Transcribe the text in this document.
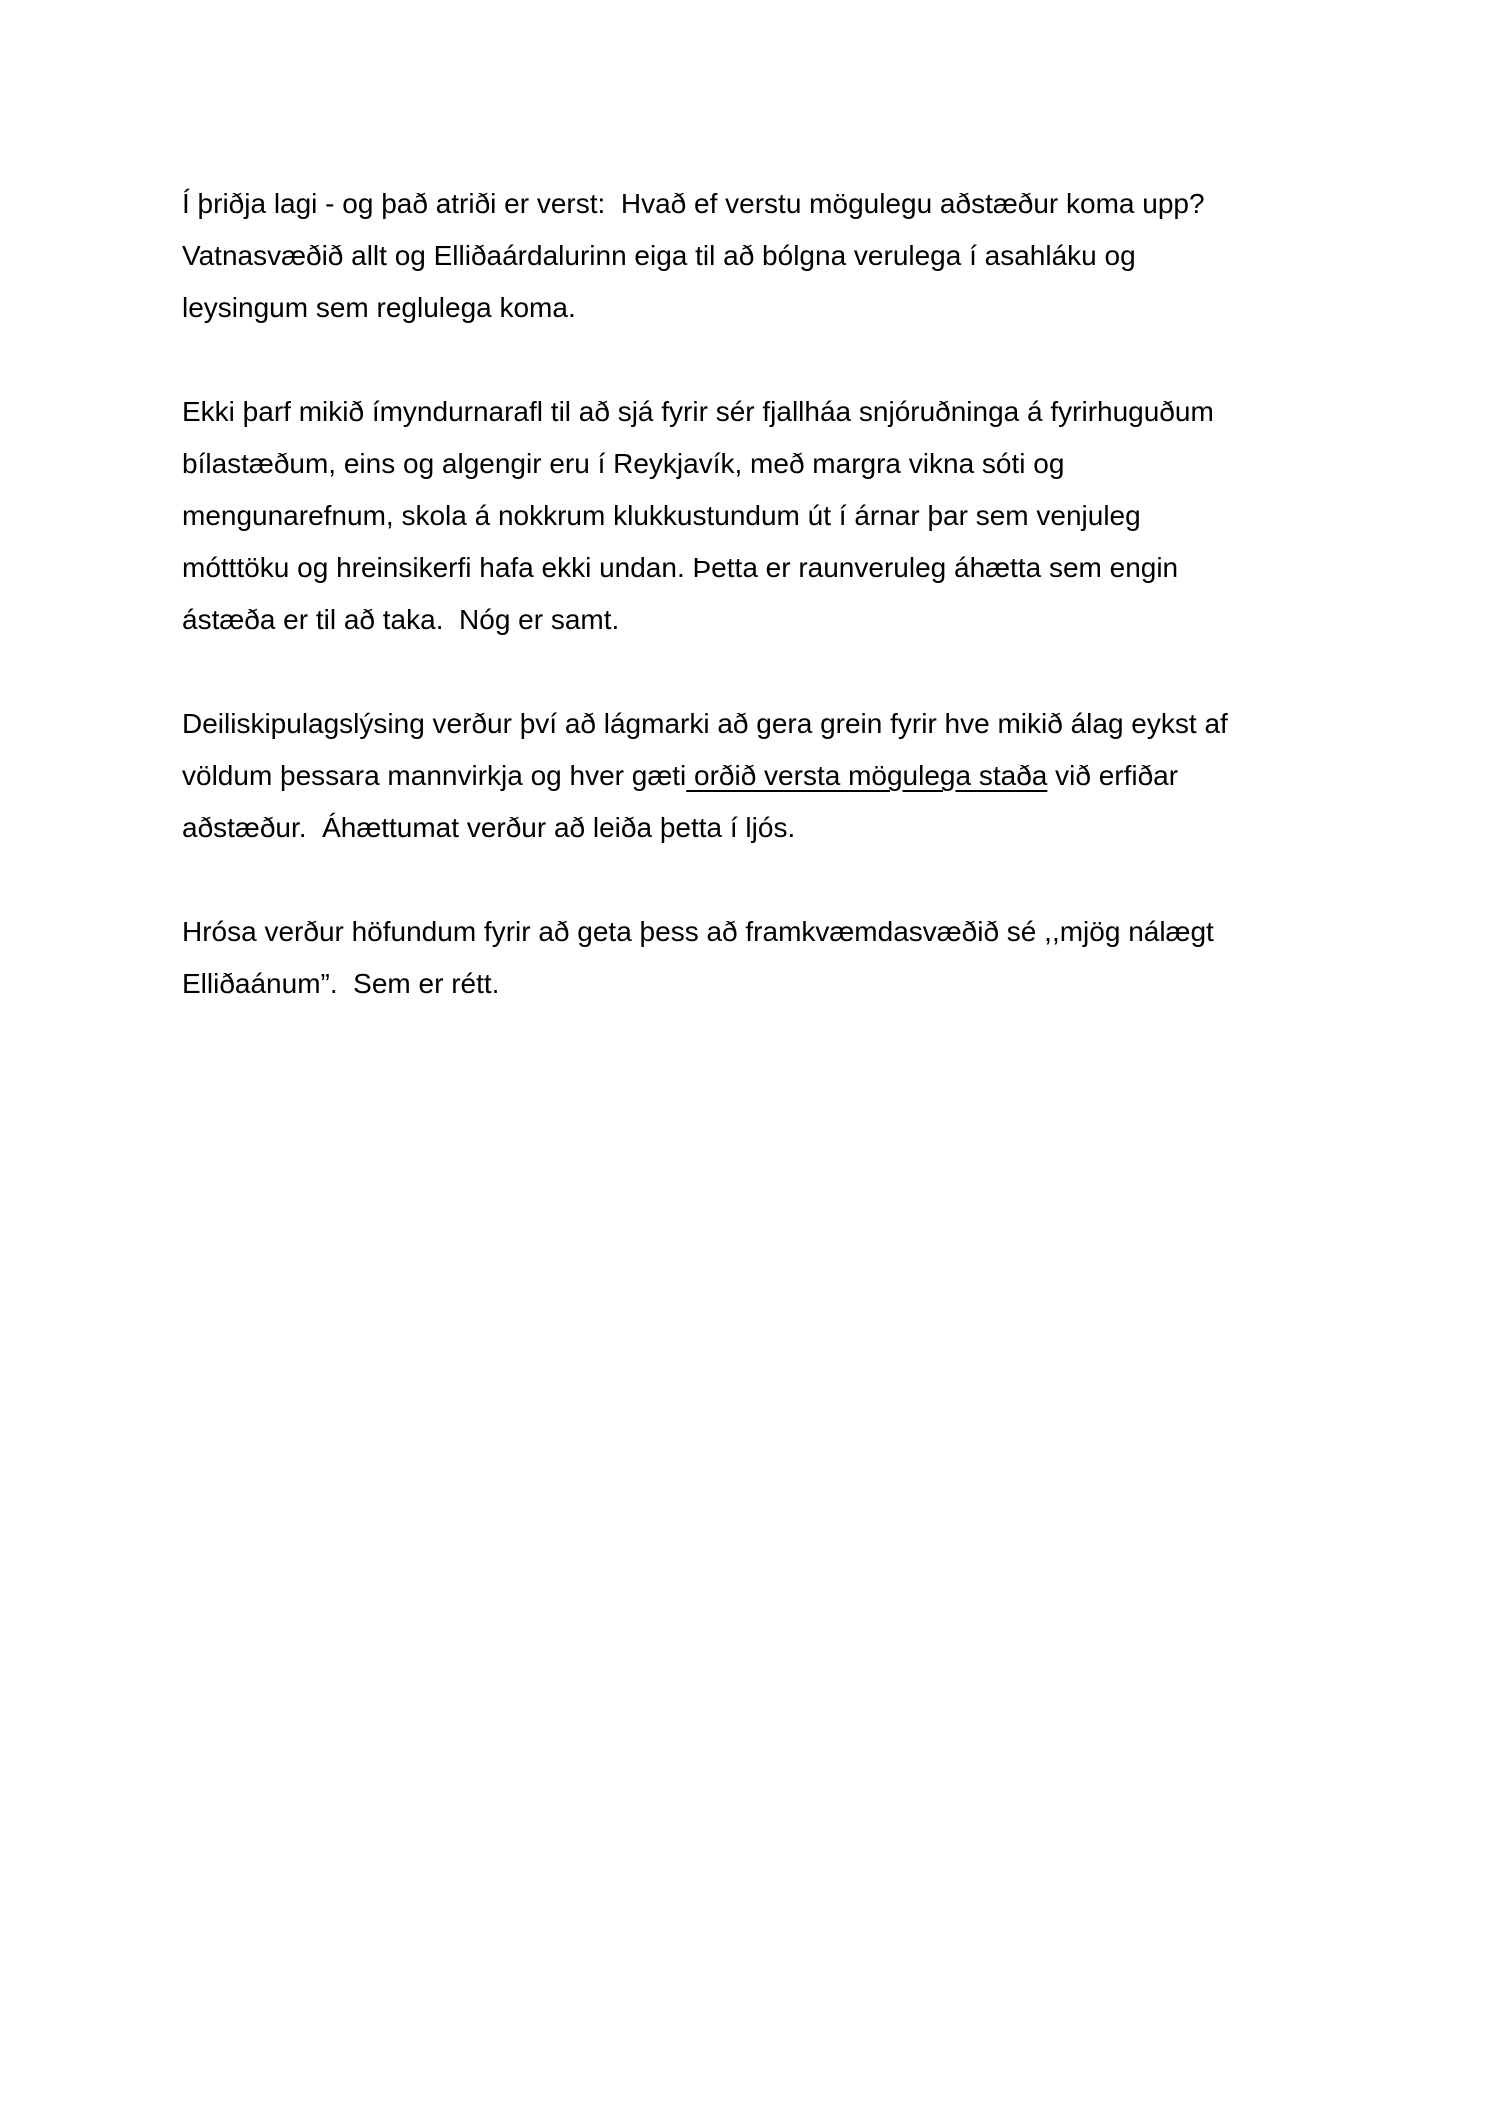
Í þriðja lagi - og það atriði er verst:  Hvað ef verstu mögulegu aðstæður koma upp?
Vatnasvæðið allt og Elliðaárdalurinn eiga til að bólgna verulega í asahláku og
leysingum sem reglulega koma.
Ekki þarf mikið ímyndurnarafl til að sjá fyrir sér fjallháa snjóruðninga á fyrirhuguðum
bílastæðum, eins og algengir eru í Reykjavík, með margra vikna sóti og
mengunarefnum, skola á nokkrum klukkustundum út í árnar þar sem venjuleg
mótttöku og hreinsikerfi hafa ekki undan. Þetta er raunveruleg áhætta sem engin
ástæða er til að taka.  Nóg er samt.
Deiliskipulagslýsing verður því að lágmarki að gera grein fyrir hve mikið álag eykst af
völdum þessara mannvirkja og hver gæti orðið versta mögulega staða við erfiðar
aðstæður.  Áhættumat verður að leiða þetta í ljós.
Hrósa verður höfundum fyrir að geta þess að framkvæmdasvæðið sé ,,mjög nálægt
Elliðaánum”.  Sem er rétt.
